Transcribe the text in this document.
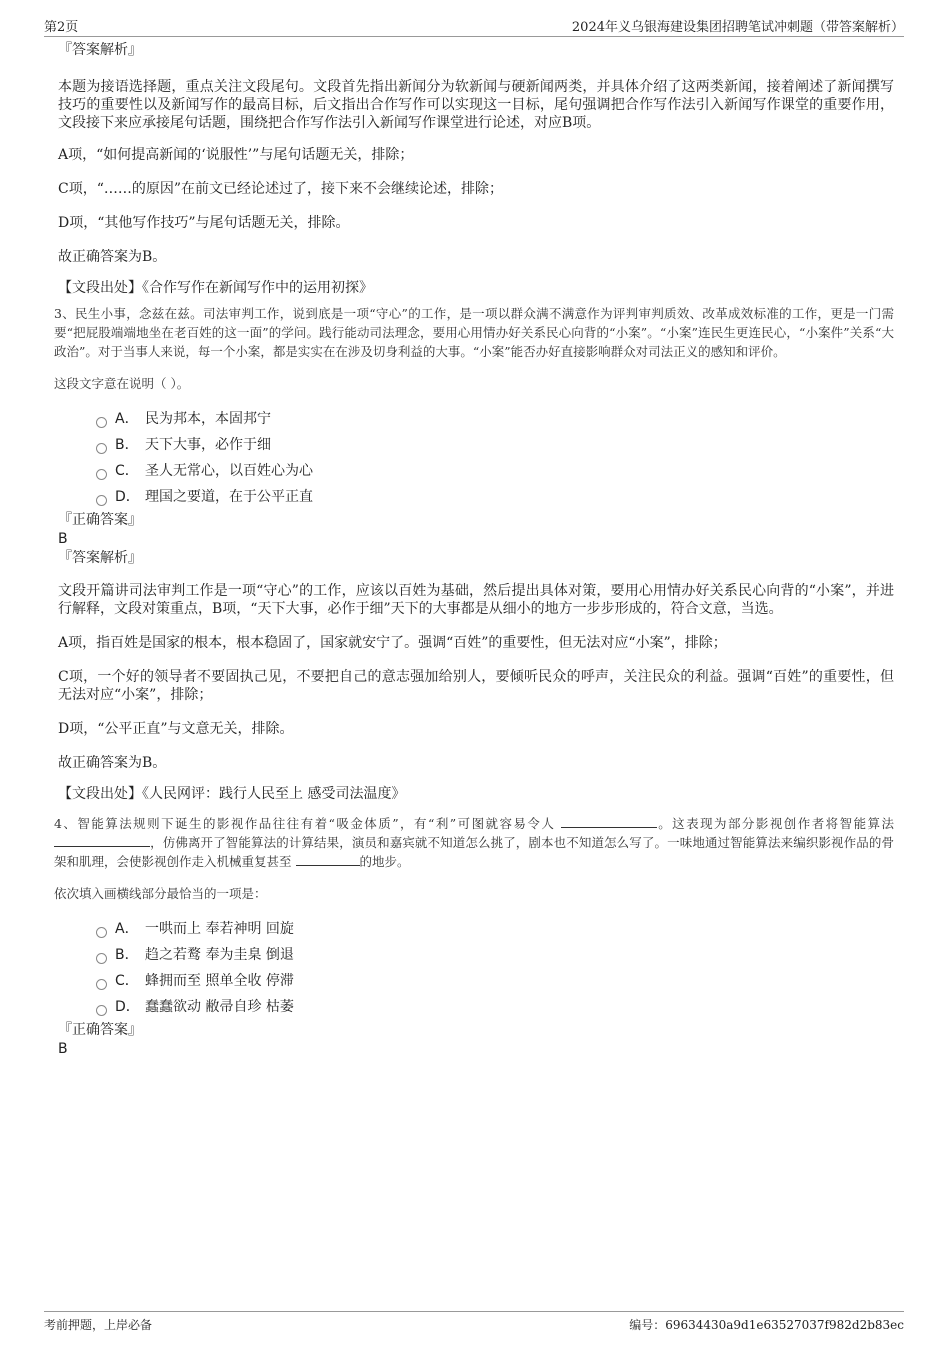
第2页	2024年义乌银海建设集团招聘笔试冲刺题（带答案解析）
『答案解析』
本题为接语选择题，重点关注文段尾句。文段首先指出新闻分为软新闻与硬新闻两类，并具体介绍了这两类新闻，接着阐述了新闻撰写技巧的重要性以及新闻写作的最高目标，后文指出合作写作可以实现这一目标，尾句强调把合作写作法引入新闻写作课堂的重要作用，文段接下来应承接尾句话题，围绕把合作写作法引入新闻写作课堂进行论述，对应B项。
A项，“如何提高新闻的‘说服性’”与尾句话题无关，排除；
C项，“……的原因”在前文已经论述过了，接下来不会继续论述，排除；
D项，“其他写作技巧”与尾句话题无关，排除。
故正确答案为B。
【文段出处】《合作写作在新闻写作中的运用初探》
3、民生小事，念兹在兹。司法审判工作，说到底是一项“守心”的工作，是一项以群众满不满意作为评判审判质效、改革成效标准的工作，更是一门需要“把屁股端端地坐在老百姓的这一面”的学问。践行能动司法理念，要用心用情办好关系民心向背的“小案”。“小案”连民生更连民心，“小案件”关系“大政治”。对于当事人来说，每一个小案，都是实实在在涉及切身利益的大事。“小案”能否办好直接影响群众对司法正义的感知和评价。
这段文字意在说明（ ）。
A． 民为邦本，本固邦宁
B． 天下大事，必作于细
C． 圣人无常心，以百姓心为心
D． 理国之要道，在于公平正直
『正确答案』
B
『答案解析』
文段开篇讲司法审判工作是一项“守心”的工作，应该以百姓为基础，然后提出具体对策，要用心用情办好关系民心向背的“小案”，并进行解释，文段对策重点，B项，“天下大事，必作于细”天下的大事都是从细小的地方一步步形成的，符合文意，当选。
A项，指百姓是国家的根本，根本稳固了，国家就安宁了。强调“百姓”的重要性，但无法对应“小案”，排除；
C项，一个好的领导者不要固执己见，不要把自己的意志强加给别人，要倾听民众的呼声，关注民众的利益。强调“百姓”的重要性，但无法对应“小案”，排除；
D项，“公平正直”与文意无关，排除。
故正确答案为B。
【文段出处】《人民网评：践行人民至上 感受司法温度》
4、智能算法规则下诞生的影视作品往往有着“吸金体质”，有“利”可图就容易令人	。这表现为部分影视创作者将智能算法 ，仿佛离开了智能算法的计算结果，演员和嘉宾就不知道怎么挑了，剧本也不知道怎么写了。一味地通过智能算法来编织影视作品的骨架和肌理，会使影视创作走入机械重复甚至	的地步。
依次填入画横线部分最恰当的一项是：
A． 一哄而上 奉若神明 回旋
B． 趋之若鹜 奉为圭臬 倒退
C． 蜂拥而至 照单全收 停滞
D． 蠢蠢欲动 敝帚自珍 枯萎
『正确答案』
B
考前押题，上岸必备	编号：69634430a9d1e63527037f982d2b83ec
